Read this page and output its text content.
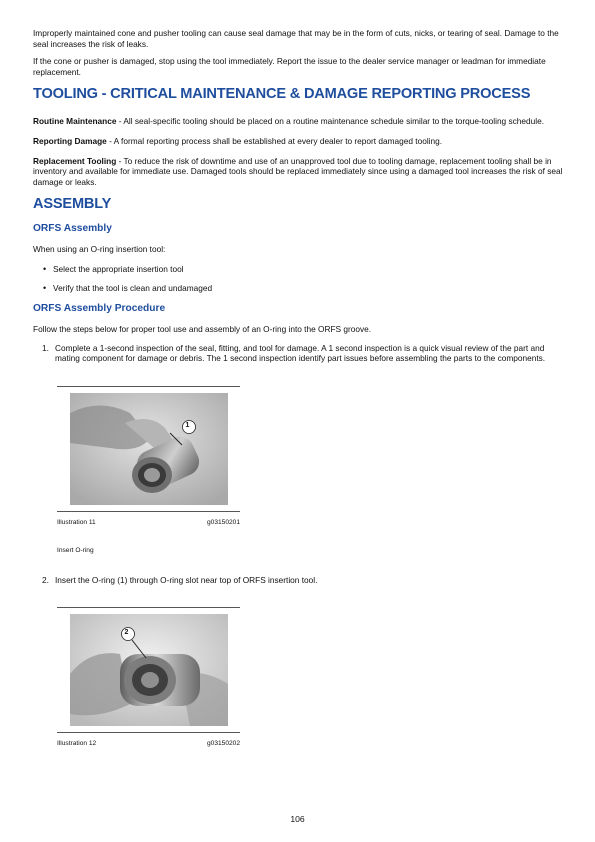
Improperly maintained cone and pusher tooling can cause seal damage that may be in the form of cuts, nicks, or tearing of seal. Damage to the seal increases the risk of leaks.

If the cone or pusher is damaged, stop using the tool immediately. Report the issue to the dealer service manager or leadman for immediate replacement.

TOOLING - CRITICAL MAINTENANCE & DAMAGE REPORTING PROCESS

Routine Maintenance - All seal-specific tooling should be placed on a routine maintenance schedule similar to the torque-tooling schedule.

Reporting Damage - A formal reporting process shall be established at every dealer to report damaged tooling.

Replacement Tooling - To reduce the risk of downtime and use of an unapproved tool due to tooling damage, replacement tooling shall be in inventory and available for immediate use. Damaged tools should be replaced immediately since using a damaged tool increases the risk of seal damage or leaks.

ASSEMBLY
ORFS Assembly

When using an O-ring insertion tool:

• Select the appropriate insertion tool
• Verify that the tool is clean and undamaged
ORFS Assembly Procedure

Follow the steps below for proper tool use and assembly of an O-ring into the ORFS groove.

1. Complete a 1-second inspection of the seal, fitting, and tool for damage. A 1 second inspection is a quick visual review of the part and mating component for damage or debris. The 1 second inspection identify part issues before assembling the parts to the components.
1
Illustration 11	g03150201
Insert O-ring
2. Insert the O-ring (1) through O-ring slot near top of ORFS insertion tool.
2
Illustration 12	g03150202
106
